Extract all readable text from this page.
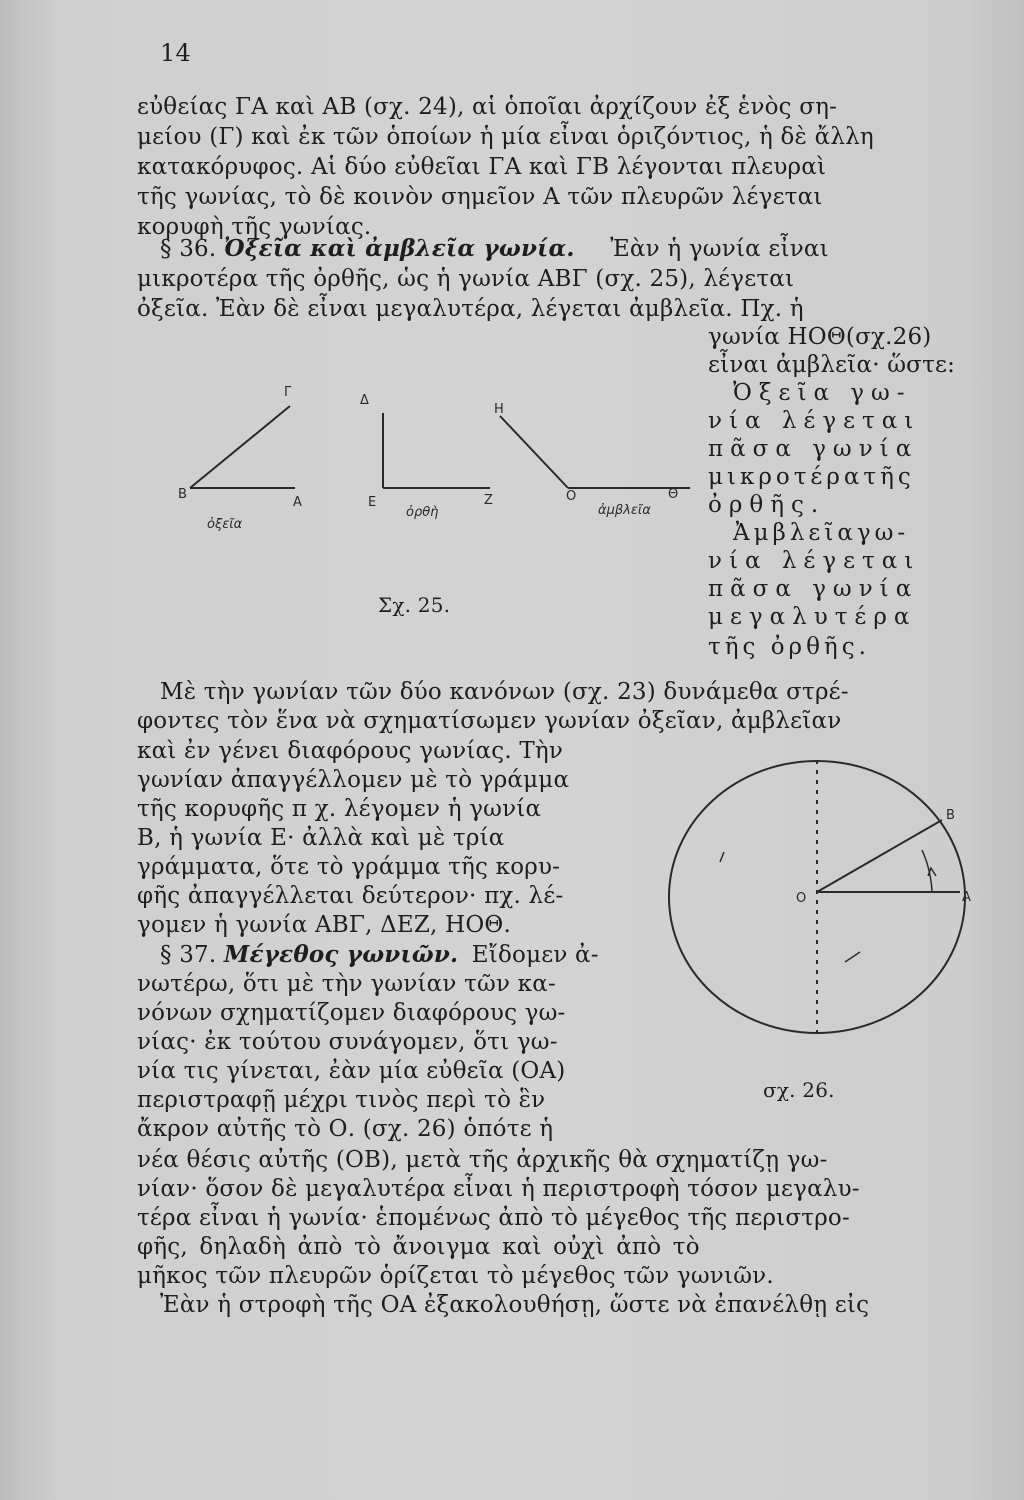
14
εὐθείας ΓΑ καὶ ΑΒ (σχ. 24), αἱ ὁποῖαι ἀρχίζουν ἐξ ἑνὸς ση-
μείου (Γ) καὶ ἐκ τῶν ὁποίων ἡ μία εἶναι ὁριζόντιος, ἡ δὲ ἄλλη
κατακόρυφος. Αἱ δύο εὐθεῖαι ΓΑ καὶ ΓΒ λέγονται πλευραὶ
τῆς γωνίας, τὸ δὲ κοινὸν σημεῖον Α τῶν πλευρῶν λέγεται
κορυφὴ τῆς γωνίας.
§ 36. Ὀξεῖα καὶ ἀμβλεῖα γωνία. Ἐὰν ἡ γωνία εἶναι
μικροτέρα τῆς ὀρθῆς, ὡς ἡ γωνία ΑΒΓ (σχ. 25), λέγεται
ὀξεῖα. Ἐὰν δὲ εἶναι μεγαλυτέρα, λέγεται ἀμβλεῖα. Πχ. ἡ
γωνία ΗΟΘ(σχ.26)
εἶναι ἀμβλεῖα· ὥστε:
Ὀξεῖα γω-
νία λέγεται
πᾶσα γωνία
μικροτέρατῆς
ὀρθῆς.
Ἀμβλεῖαγω-
νία λέγεται
πᾶσα γωνία
μεγαλυτέρα
τῆς ὀρθῆς.
Γ
Β
Α
Δ
Ε	Ζ
Η
Ο	Θ
ὀξεῖα
ὀρθὴ	ἀμβλεῖα
Σχ. 25.
Μὲ τὴν γωνίαν τῶν δύο κανόνων (σχ. 23) δυνάμεθα στρέ-
φοντες τὸν ἕνα νὰ σχηματίσωμεν γωνίαν ὀξεῖαν, ἀμβλεῖαν
καὶ ἐν γένει διαφόρους γωνίας. Τὴν
γωνίαν ἀπαγγέλλομεν μὲ τὸ γράμμα
τῆς κορυφῆς π χ. λέγομεν ἡ γωνία
Β, ἡ γωνία Ε· ἀλλὰ καὶ μὲ τρία
γράμματα, ὅτε τὸ γράμμα τῆς κορυ-
φῆς ἀπαγγέλλεται δεύτερον· πχ. λέ-
γομεν ἡ γωνία ΑΒΓ, ΔΕΖ, ΗΟΘ.
§ 37. Μέγεθος γωνιῶν. Εἴδομεν ἀ-
νωτέρω, ὅτι μὲ τὴν γωνίαν τῶν κα-
νόνων σχηματίζομεν διαφόρους γω-
νίας· ἐκ τούτου συνάγομεν, ὅτι γω-
νία τις γίνεται, ἐὰν μία εὐθεῖα (ΟΑ)
περιστραφῇ μέχρι τινὸς περὶ τὸ ἓν
ἄκρον αὐτῆς τὸ Ο. (σχ. 26) ὁπότε ἡ
Ο	Α
Β
σχ. 26.
νέα θέσις αὐτῆς (ΟΒ), μετὰ τῆς ἀρχικῆς θὰ σχηματίζῃ γω-
νίαν· ὅσον δὲ μεγαλυτέρα εἶναι ἡ περιστροφὴ τόσον μεγαλυ-
τέρα εἶναι ἡ γωνία· ἑπομένως ἀπὸ τὸ μέγεθος τῆς περιστρο-
φῆς, δηλαδὴ ἀπὸ τὸ ἄνοιγμα καὶ οὐχὶ ἀπὸ τὸ
μῆκος τῶν πλευρῶν ὁρίζεται τὸ μέγεθος τῶν γωνιῶν.
Ἐὰν ἡ στροφὴ τῆς ΟΑ ἐξακολουθήσῃ, ὥστε νὰ ἐπανέλθῃ εἰς
